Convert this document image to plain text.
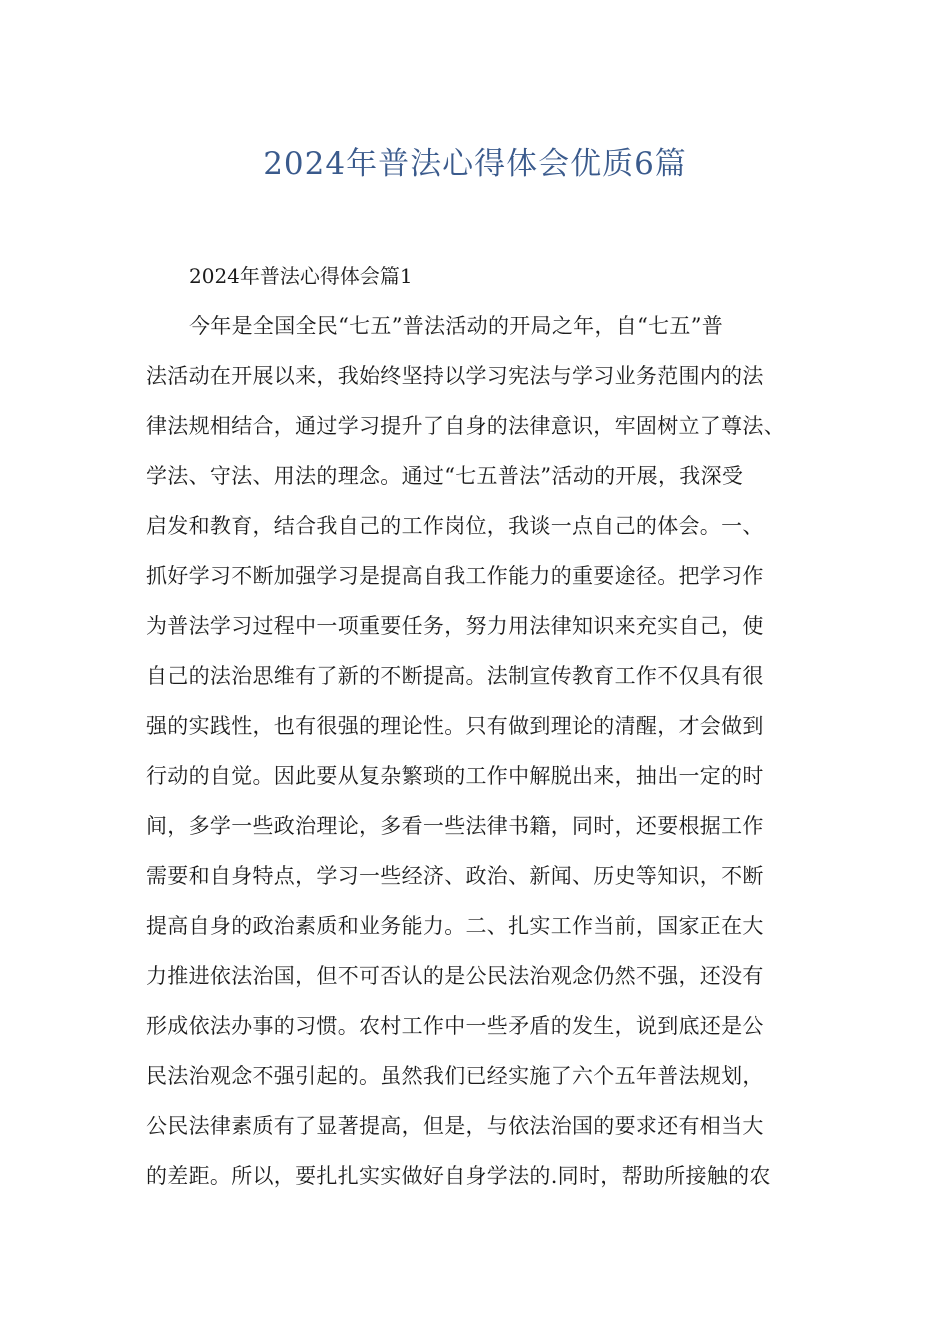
2024年普法心得体会优质6篇
2024年普法心得体会篇1
今年是全国全民“七五”普法活动的开局之年，自“七五”普
法活动在开展以来，我始终坚持以学习宪法与学习业务范围内的法
律法规相结合，通过学习提升了自身的法律意识，牢固树立了尊法、
学法、守法、用法的理念。通过“七五普法”活动的开展，我深受
启发和教育，结合我自己的工作岗位，我谈一点自己的体会。一、
抓好学习不断加强学习是提高自我工作能力的重要途径。把学习作
为普法学习过程中一项重要任务，努力用法律知识来充实自己，使
自己的法治思维有了新的不断提高。法制宣传教育工作不仅具有很
强的实践性，也有很强的理论性。只有做到理论的清醒，才会做到
行动的自觉。因此要从复杂繁琐的工作中解脱出来，抽出一定的时
间，多学一些政治理论，多看一些法律书籍，同时，还要根据工作
需要和自身特点，学习一些经济、政治、新闻、历史等知识，不断
提高自身的政治素质和业务能力。二、扎实工作当前，国家正在大
力推进依法治国，但不可否认的是公民法治观念仍然不强，还没有
形成依法办事的习惯。农村工作中一些矛盾的发生，说到底还是公
民法治观念不强引起的。虽然我们已经实施了六个五年普法规划，
公民法律素质有了显著提高，但是，与依法治国的要求还有相当大
的差距。所以，要扎扎实实做好自身学法的.同时，帮助所接触的农
